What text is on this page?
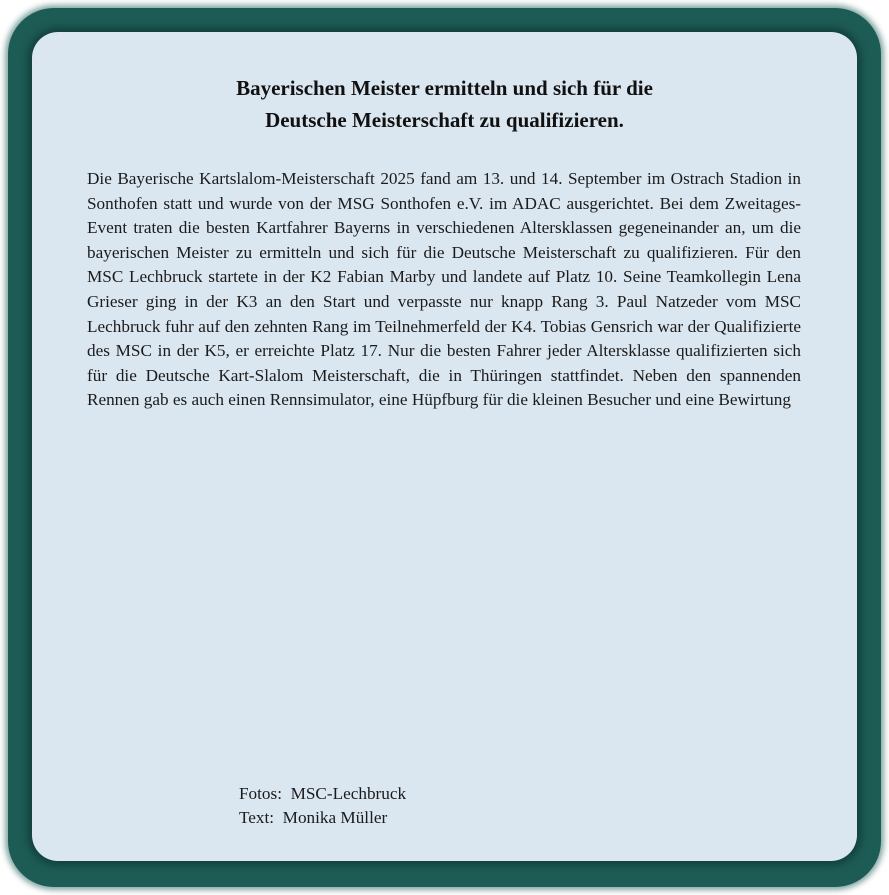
Bayerischen Meister ermitteln und sich für die
Deutsche Meisterschaft zu qualifizieren.

Die Bayerische Kartslalom-Meisterschaft 2025 fand am 13. und 14. September im Ostrach Stadion in Sonthofen statt und wurde von der MSG Sonthofen e.V. im ADAC ausgerichtet. Bei dem Zweitages-Event traten die besten Kartfahrer Bayerns in verschiedenen Altersklassen gegeneinander an, um die bayerischen Meister zu ermitteln und sich für die Deutsche Meisterschaft zu qualifizieren. Für den MSC Lechbruck startete in der K2 Fabian Marby und landete auf Platz 10. Seine Teamkollegin Lena Grieser ging in der K3 an den Start und verpasste nur knapp Rang 3. Paul Natzeder vom MSC Lechbruck fuhr auf den zehnten Rang im Teilnehmerfeld der K4. Tobias Gensrich war der Qualifizierte des MSC in der K5, er erreichte Platz 17. Nur die besten Fahrer jeder Altersklasse qualifizierten sich für die Deutsche Kart-Slalom Meisterschaft, die in Thüringen stattfindet. Neben den spannenden Rennen gab es auch einen Rennsimulator, eine Hüpfburg für die kleinen Besucher und eine Bewirtung

Fotos:  MSC-Lechbruck
Text:  Monika Müller
